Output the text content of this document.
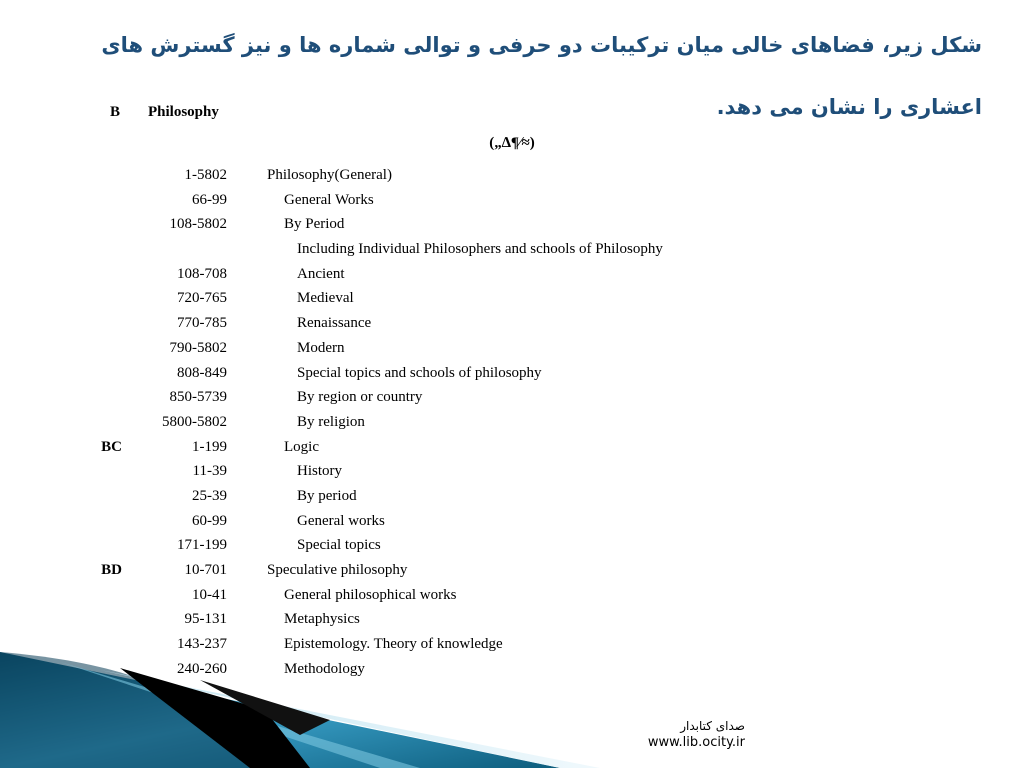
شکل زیر، فضاهای خالی میان ترکیبات دو حرفی و توالی شماره ها و نیز گسترش های اعشاری را نشان می دهد.
B Philosophy
(„∆¶∕≈)
1-5802	Philosophy(General)
66-99	General Works
108-5802	By Period
Including Individual Philosophers and schools of Philosophy
108-708	Ancient
720-765	Medieval
770-785	Renaissance
790-5802	Modern
808-849	Special topics and schools of philosophy
850-5739	By region or country
5800-5802	By religion
BC	1-199	Logic
11-39	History
25-39	By period
60-99	General works
171-199	Special topics
BD	10-701	Speculative philosophy
10-41	General philosophical works
95-131	Metaphysics
143-237	Epistemology. Theory of knowledge
240-260	Methodology
صدای کتابدار
www.lib.ocity.ir
